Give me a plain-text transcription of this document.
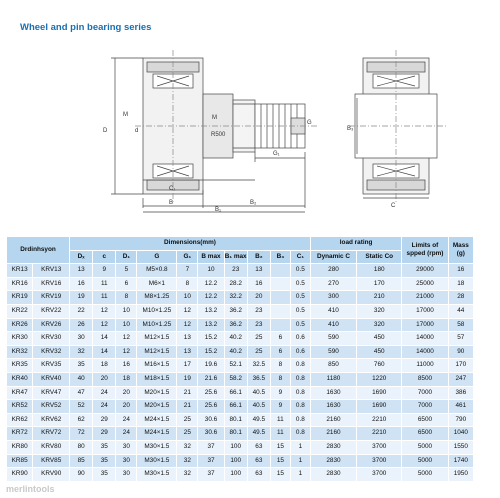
Wheel and pin bearing series
D
M
d
M
R500
G₁
G
C₁
B	B₂
B₁
C
B₃
Drdinhsyon		Dimensions(mm)										load rating		Limits of spped (rpm)	Mass (g)
		Dₓ	c	D₁	G	G₁	B max	B₁ max	B₂	B₃	C₁	Dynamic C	Static Co		
KR13	KRV13	13	9	5	M5×0.8	7	10	23	13		0.5	280	180	29000	16
KR16	KRV16	16	11	6	M6×1	8	12.2	28.2	16		0.5	270	170	25000	18
KR19	KRV19	19	11	8	M8×1.25	10	12.2	32.2	20		0.5	300	210	21000	28
KR22	KRV22	22	12	10	M10×1.25	12	13.2	36.2	23		0.5	410	320	17000	44
KR26	KRV26	26	12	10	M10×1.25	12	13.2	36.2	23		0.5	410	320	17000	58
KR30	KRV30	30	14	12	M12×1.5	13	15.2	40.2	25	6	0.6	590	450	14000	57
KR32	KRV32	32	14	12	M12×1.5	13	15.2	40.2	25	6	0.6	590	450	14000	90
KR35	KRV35	35	18	16	M16×1.5	17	19.6	52.1	32.5	8	0.8	850	760	11000	170
KR40	KRV40	40	20	18	M18×1.5	19	21.6	58.2	36.5	8	0.8	1180	1220	8500	247
KR47	KRV47	47	24	20	M20×1.5	21	25.6	66.1	40.5	9	0.8	1630	1690	7000	386
KR52	KRV52	52	24	20	M20×1.5	21	25.6	66.1	40.5	9	0.8	1630	1690	7000	461
KR62	KRV62	62	29	24	M24×1.5	25	30.6	80.1	49.5	11	0.8	2160	2210	6500	790
KR72	KRV72	72	29	24	M24×1.5	25	30.6	80.1	49.5	11	0.8	2160	2210	6500	1040
KR80	KRV80	80	35	30	M30×1.5	32	37	100	63	15	1	2830	3700	5000	1550
KR85	KRV85	85	35	30	M30×1.5	32	37	100	63	15	1	2830	3700	5000	1740
KR90	KRV90	90	35	30	M30×1.5	32	37	100	63	15	1	2830	3700	5000	1950
merlintools
